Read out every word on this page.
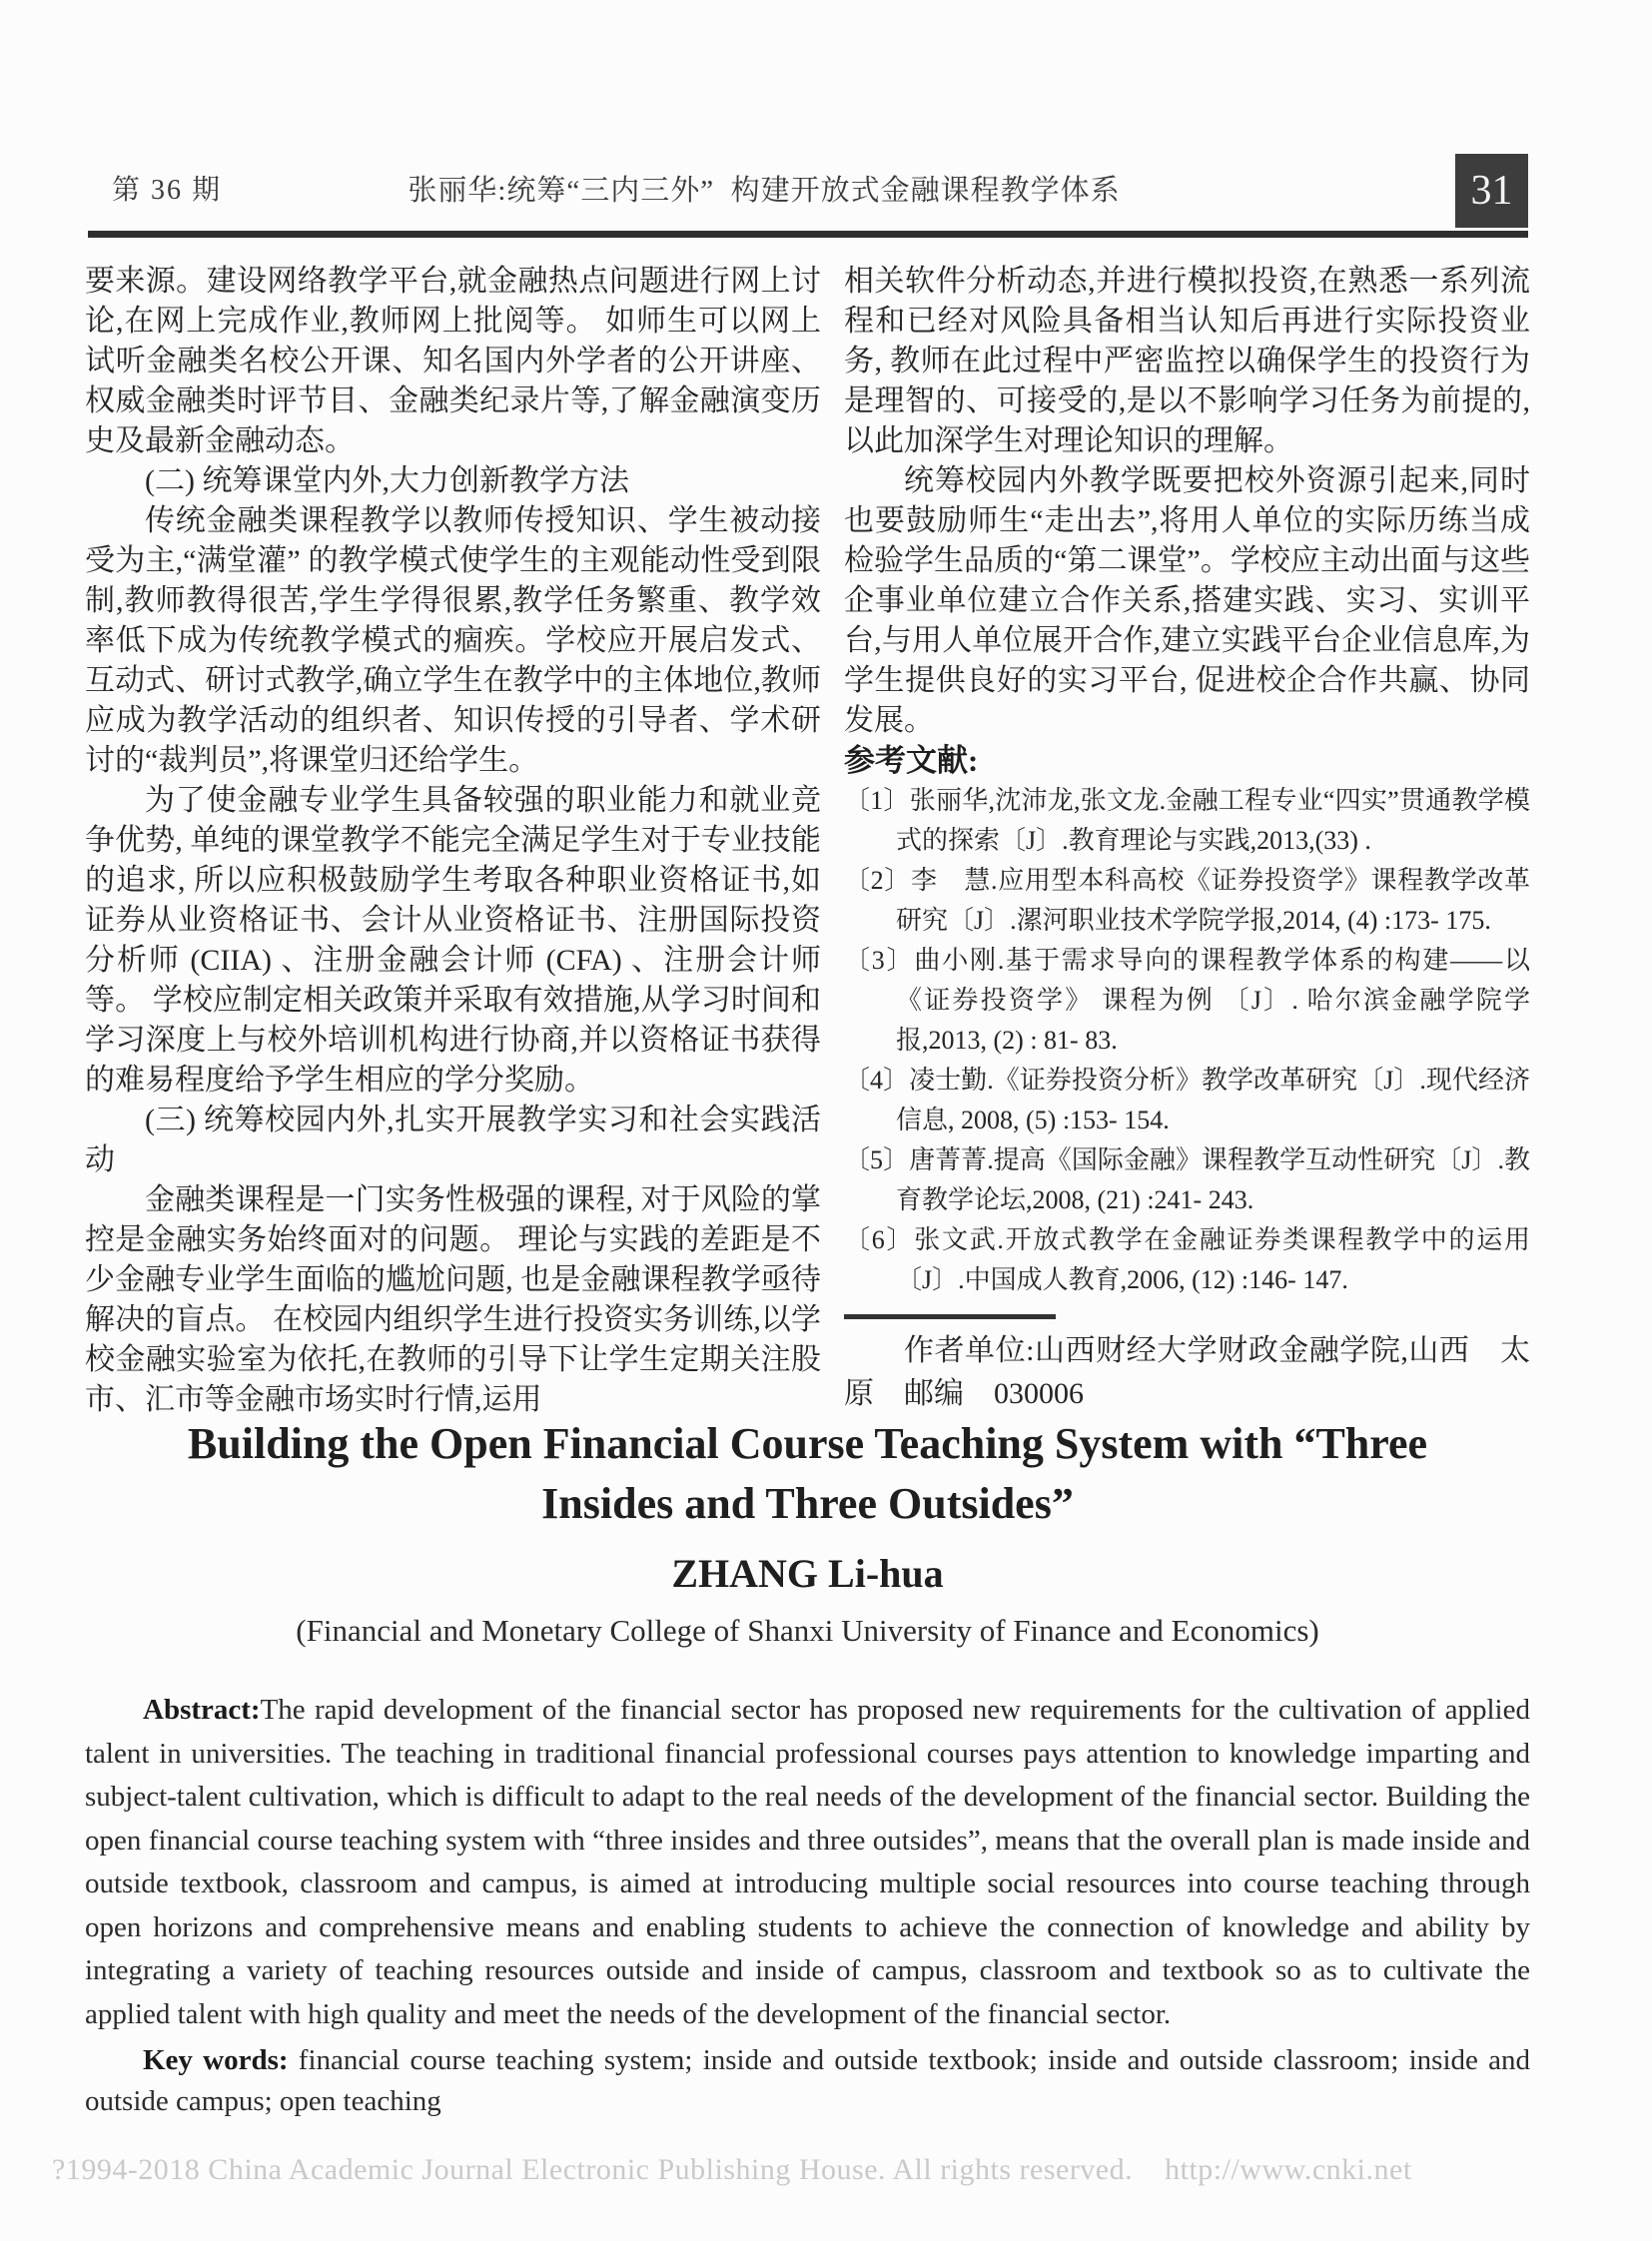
第 36 期	张丽华:统筹“三内三外”  构建开放式金融课程教学体系	31

要来源。建设网络教学平台,就金融热点问题进行网上讨论,在网上完成作业,教师网上批阅等。 如师生可以网上试听金融类名校公开课、知名国内外学者的公开讲座、权威金融类时评节目、金融类纪录片等,了解金融演变历史及最新金融动态。

(二) 统筹课堂内外,大力创新教学方法

传统金融类课程教学以教师传授知识、学生被动接受为主,“满堂灌” 的教学模式使学生的主观能动性受到限制,教师教得很苦,学生学得很累,教学任务繁重、教学效率低下成为传统教学模式的痼疾。学校应开展启发式、互动式、研讨式教学,确立学生在教学中的主体地位,教师应成为教学活动的组织者、知识传授的引导者、学术研讨的“裁判员”,将课堂归还给学生。

为了使金融专业学生具备较强的职业能力和就业竞争优势, 单纯的课堂教学不能完全满足学生对于专业技能的追求, 所以应积极鼓励学生考取各种职业资格证书,如证券从业资格证书、会计从业资格证书、注册国际投资分析师 (CIIA) 、注册金融会计师 (CFA) 、注册会计师等。 学校应制定相关政策并采取有效措施,从学习时间和学习深度上与校外培训机构进行协商,并以资格证书获得的难易程度给予学生相应的学分奖励。

(三) 统筹校园内外,扎实开展教学实习和社会实践活动

金融类课程是一门实务性极强的课程, 对于风险的掌控是金融实务始终面对的问题。 理论与实践的差距是不少金融专业学生面临的尴尬问题, 也是金融课程教学亟待解决的盲点。 在校园内组织学生进行投资实务训练,以学校金融实验室为依托,在教师的引导下让学生定期关注股市、汇市等金融市场实时行情,运用

相关软件分析动态,并进行模拟投资,在熟悉一系列流程和已经对风险具备相当认知后再进行实际投资业务, 教师在此过程中严密监控以确保学生的投资行为是理智的、可接受的,是以不影响学习任务为前提的,以此加深学生对理论知识的理解。

统筹校园内外教学既要把校外资源引起来,同时也要鼓励师生“走出去”,将用人单位的实际历练当成检验学生品质的“第二课堂”。学校应主动出面与这些企事业单位建立合作关系,搭建实践、实习、实训平台,与用人单位展开合作,建立实践平台企业信息库,为学生提供良好的实习平台, 促进校企合作共赢、协同发展。

参考文献:

〔1〕张丽华,沈沛龙,张文龙.金融工程专业“四实”贯通教学模式的探索〔J〕.教育理论与实践,2013,(33) .
〔2〕李　慧.应用型本科高校《证券投资学》课程教学改革研究〔J〕.漯河职业技术学院学报,2014, (4) :173- 175.
〔3〕曲小刚.基于需求导向的课程教学体系的构建——以《证券投资学》 课程为例 〔J〕. 哈尔滨金融学院学报,2013, (2) : 81- 83.
〔4〕凌士勤.《证券投资分析》教学改革研究〔J〕.现代经济信息, 2008, (5) :153- 154.
〔5〕唐菁菁.提高《国际金融》课程教学互动性研究〔J〕.教育教学论坛,2008, (21) :241- 243.
〔6〕张文武.开放式教学在金融证券类课程教学中的运用〔J〕.中国成人教育,2006, (12) :146- 147.

作者单位:山西财经大学财政金融学院,山西　太原　邮编　030006

Building the Open Financial Course Teaching System with “Three
Insides and Three Outsides”
ZHANG Li-hua
(Financial and Monetary College of Shanxi University of Finance and Economics)

Abstract:The rapid development of the financial sector has proposed new requirements for the cultivation of applied talent in universities. The teaching in traditional financial professional courses pays attention to knowledge imparting and subject-talent cultivation, which is difficult to adapt to the real needs of the development of the financial sector. Building the open financial course teaching system with “three insides and three outsides”, means that the overall plan is made inside and outside textbook, classroom and campus, is aimed at introducing multiple social resources into course teaching through open horizons and comprehensive means and enabling students to achieve the connection of knowledge and ability by integrating a variety of teaching resources outside and inside of campus, classroom and textbook so as to cultivate the applied talent with high quality and meet the needs of the development of the financial sector.

Key words: financial course teaching system; inside and outside textbook; inside and outside classroom; inside and outside campus; open teaching

?1994-2018 China Academic Journal Electronic Publishing House. All rights reserved.    http://www.cnki.net
